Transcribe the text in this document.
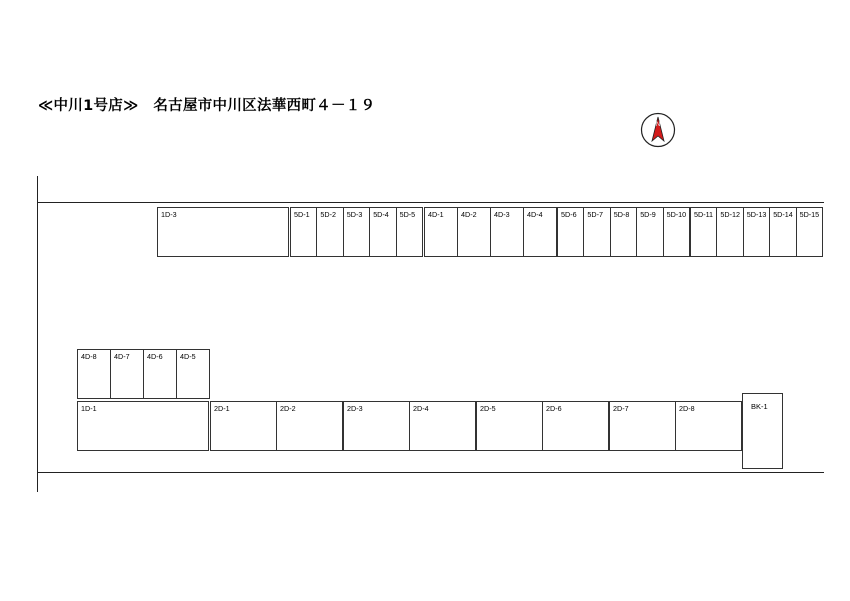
≪中川1号店≫　名古屋市中川区法華西町４－１９
N
1D-3	5D-1	5D-2	5D-3	5D-4	5D-5	4D-1	4D-2	4D-3	4D-4	5D-6	5D-7	5D-8	5D-9	5D-10	5D-11	5D-12 5D-13 5D-14 5D-15
4D-8	4D-7	4D-6	4D-5
1D-1	2D-1	2D-2	2D-3	2D-4	2D-5	2D-6	2D-7	2D-8	BK-1
